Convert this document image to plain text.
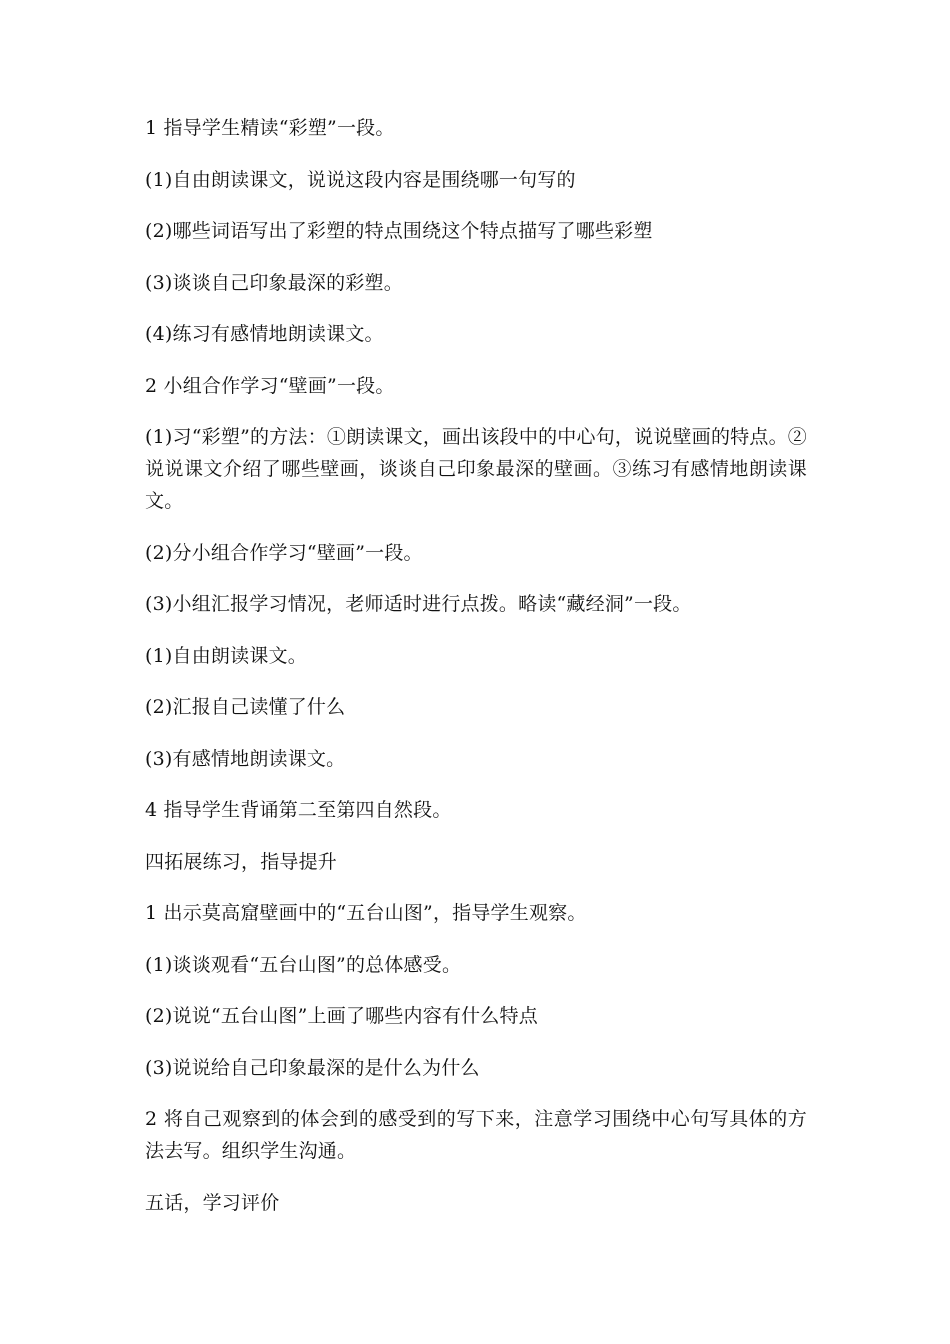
1 指导学生精读“彩塑”一段。

(1)自由朗读课文，说说这段内容是围绕哪一句写的

(2)哪些词语写出了彩塑的特点围绕这个特点描写了哪些彩塑

(3)谈谈自己印象最深的彩塑。

(4)练习有感情地朗读课文。

2 小组合作学习“壁画”一段。

(1)习“彩塑”的方法：①朗读课文，画出该段中的中心句，说说壁画的特点。②说说课文介绍了哪些壁画，谈谈自己印象最深的壁画。③练习有感情地朗读课文。

(2)分小组合作学习“壁画”一段。

(3)小组汇报学习情况，老师适时进行点拨。略读“藏经洞”一段。

(1)自由朗读课文。

(2)汇报自己读懂了什么

(3)有感情地朗读课文。

4 指导学生背诵第二至第四自然段。

四拓展练习，指导提升

1 出示莫高窟壁画中的“五台山图”，指导学生观察。

(1)谈谈观看“五台山图”的总体感受。

(2)说说“五台山图”上画了哪些内容有什么特点

(3)说说给自己印象最深的是什么为什么

2 将自己观察到的体会到的感受到的写下来，注意学习围绕中心句写具体的方法去写。组织学生沟通。

五话，学习评价
